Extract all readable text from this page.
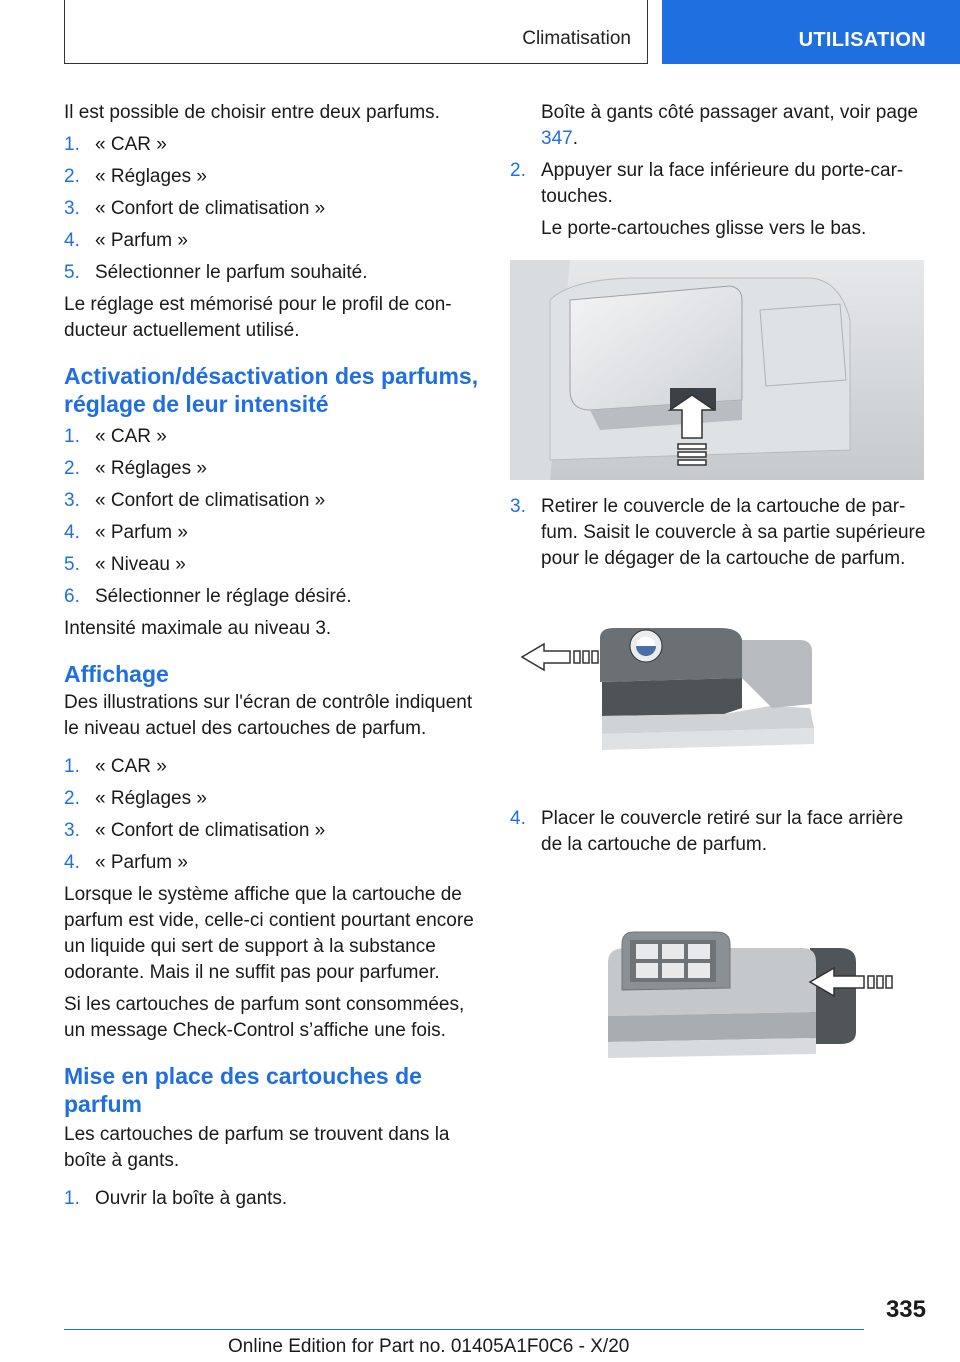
Climatisation	UTILISATION

Il est possible de choisir entre deux parfums.

1. « CAR »
2. « Réglages »
3. « Confort de climatisation »
4. « Parfum »
5. Sélectionner le parfum souhaité.

Le réglage est mémorisé pour le profil de conducteur actuellement utilisé.

Activation/désactivation des parfums, réglage de leur intensité
1. « CAR »
2. « Réglages »
3. « Confort de climatisation »
4. « Parfum »
5. « Niveau »
6. Sélectionner le réglage désiré.

Intensité maximale au niveau 3.

Affichage

Des illustrations sur l'écran de contrôle indiquent le niveau actuel des cartouches de parfum.

1. « CAR »
2. « Réglages »
3. « Confort de climatisation »
4. « Parfum »

Lorsque le système affiche que la cartouche de parfum est vide, celle-ci contient pourtant encore un liquide qui sert de support à la substance odorante. Mais il ne suffit pas pour parfumer.

Si les cartouches de parfum sont consommées, un message Check-Control s’affiche une fois.

Mise en place des cartouches de parfum

Les cartouches de parfum se trouvent dans la boîte à gants.

1. Ouvrir la boîte à gants.

Boîte à gants côté passager avant, voir page 347.

2. Appuyer sur la face inférieure du porte-cartouches.

Le porte-cartouches glisse vers le bas.

3. Retirer le couvercle de la cartouche de parfum. Saisit le couvercle à sa partie supérieure pour le dégager de la cartouche de parfum.
4. Placer le couvercle retiré sur la face arrière de la cartouche de parfum.
335
Online Edition for Part no. 01405A1F0C6 - X/20
